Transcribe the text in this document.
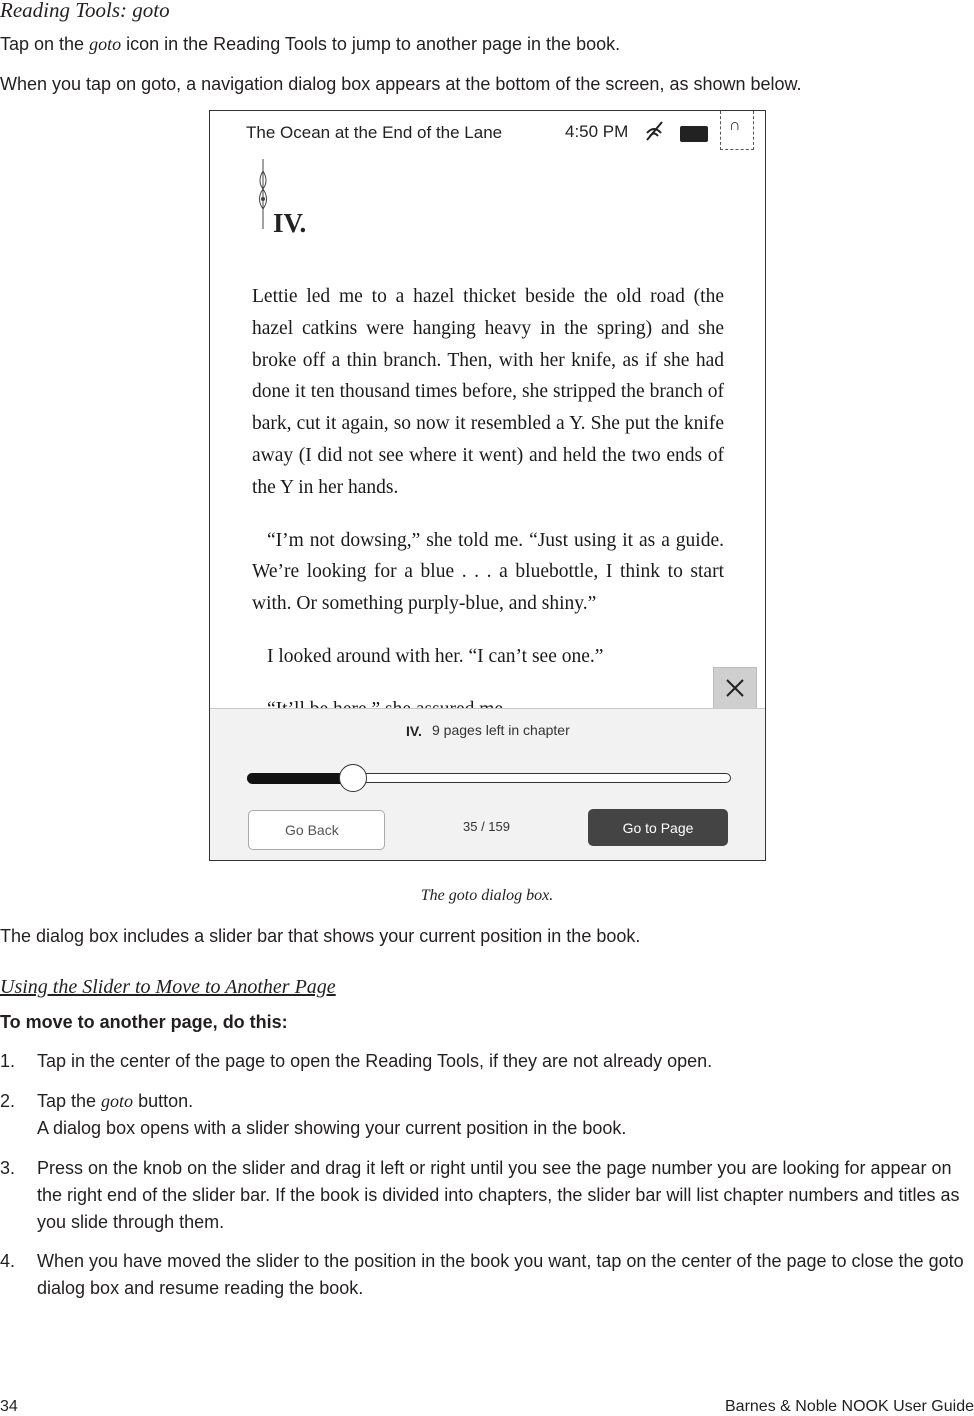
Reading Tools: goto
Tap on the goto icon in the Reading Tools to jump to another page in the book.
When you tap on goto, a navigation dialog box appears at the bottom of the screen, as shown below.
The Ocean at the End of the Lane	4:50 PM	∩
IV.

Lettie led me to a hazel thicket beside the old road (the hazel catkins were hanging heavy in the spring) and she broke off a thin branch. Then, with her knife, as if she had done it ten thousand times before, she stripped the branch of bark, cut it again, so now it resembled a Y. She put the knife away (I did not see where it went) and held the two ends of the Y in her hands.

“I’m not dowsing,” she told me. “Just using it as a guide. We’re looking for a blue . . . a bluebottle, I think to start with. Or something purply-blue, and shiny.”

I looked around with her. “I can’t see one.”

IV. 9 pages left in chapter
Go Back	35 / 159	Go to Page
The goto dialog box.
The dialog box includes a slider bar that shows your current position in the book.
Using the Slider to Move to Another Page
To move to another page, do this:
1. Tap in the center of the page to open the Reading Tools, if they are not already open.
2. Tap the goto button.
A dialog box opens with a slider showing your current position in the book.
3. Press on the knob on the slider and drag it left or right until you see the page number you are looking for appear on the right end of the slider bar. If the book is divided into chapters, the slider bar will list chapter numbers and titles as you slide through them.
4. When you have moved the slider to the position in the book you want, tap on the center of the page to close the goto dialog box and resume reading the book.
34	Barnes & Noble NOOK User Guide
